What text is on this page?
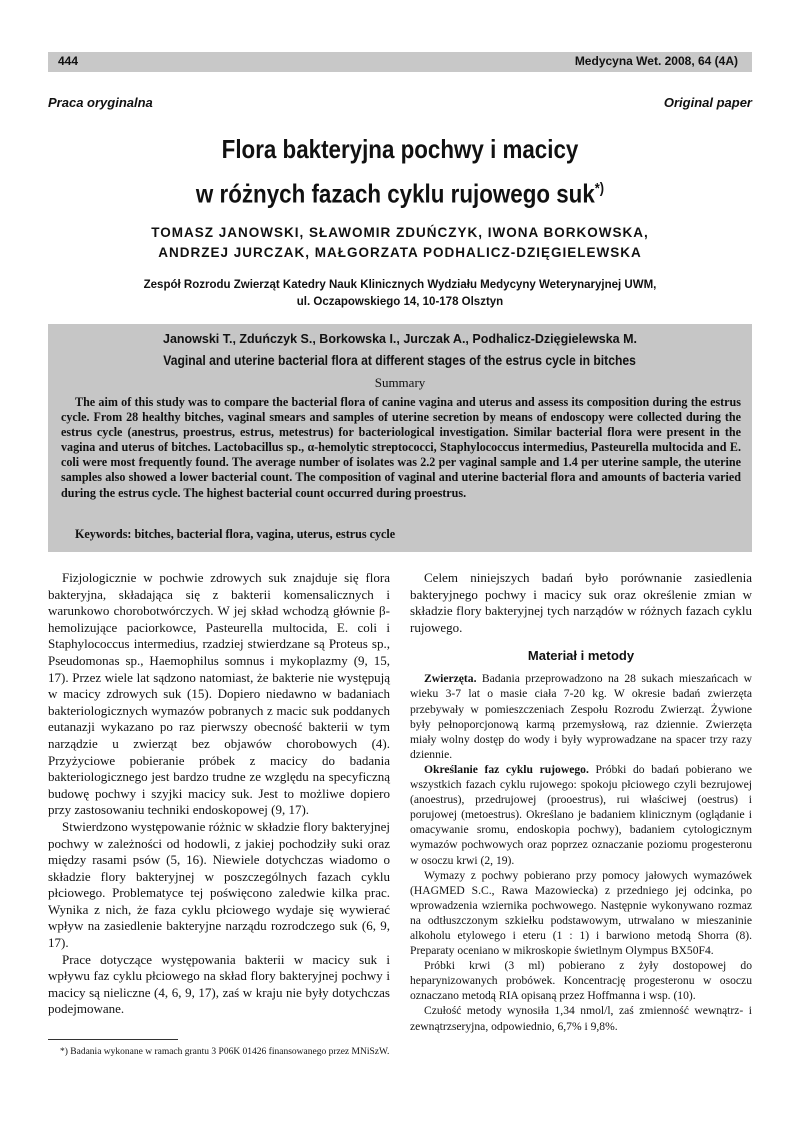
444	Medycyna Wet. 2008, 64 (4A)
Praca oryginalna	Original paper
Flora bakteryjna pochwy i macicy
w różnych fazach cyklu rujowego suk*)
TOMASZ JANOWSKI, SŁAWOMIR ZDUŃCZYK, IWONA BORKOWSKA,
ANDRZEJ JURCZAK, MAŁGORZATA PODHALICZ-DZIĘGIELEWSKA
Zespół Rozrodu Zwierząt Katedry Nauk Klinicznych Wydziału Medycyny Weterynaryjnej UWM,
ul. Oczapowskiego 14, 10-178 Olsztyn
Janowski T., Zduńczyk S., Borkowska I., Jurczak A., Podhalicz-Dzięgielewska M.
Vaginal and uterine bacterial flora at different stages of the estrus cycle in bitches
Summary

The aim of this study was to compare the bacterial flora of canine vagina and uterus and assess its composition during the estrus cycle. From 28 healthy bitches, vaginal smears and samples of uterine secretion by means of endoscopy were collected during the estrus cycle (anestrus, proestrus, estrus, metestrus) for bacteriological investigation. Similar bacterial flora were present in the vagina and uterus of bitches. Lactobacillus sp., α-hemolytic streptococci, Staphylococcus intermedius, Pasteurella multocida and E. coli were most frequently found. The average number of isolates was 2.2 per vaginal sample and 1.4 per uterine sample, the uterine samples also showed a lower bacterial count. The composition of vaginal and uterine bacterial flora and amounts of bacteria varied during the estrus cycle. The highest bacterial count occurred during proestrus.

Keywords: bitches, bacterial flora, vagina, uterus, estrus cycle

Fizjologicznie w pochwie zdrowych suk znajduje się flora bakteryjna, składająca się z bakterii komensalicznych i warunkowo chorobotwórczych. W jej skład wchodzą głównie β-hemolizujące paciorkowce, Pasteurella multocida, E. coli i Staphylococcus intermedius, rzadziej stwierdzane są Proteus sp., Pseudomonas sp., Haemophilus somnus i mykoplazmy (9, 15, 17). Przez wiele lat sądzono natomiast, że bakterie nie występują w macicy zdrowych suk (15). Dopiero niedawno w badaniach bakteriologicznych wymazów pobranych z macic suk poddanych eutanazji wykazano po raz pierwszy obecność bakterii w tym narządzie u zwierząt bez objawów chorobowych (4). Przyżyciowe pobieranie próbek z macicy do badania bakteriologicznego jest bardzo trudne ze względu na specyficzną budowę pochwy i szyjki macicy suk. Jest to możliwe dopiero przy zastosowaniu techniki endoskopowej (9, 17).

Stwierdzono występowanie różnic w składzie flory bakteryjnej pochwy w zależności od hodowli, z jakiej pochodziły suki oraz między rasami psów (5, 16). Niewiele dotychczas wiadomo o składzie flory bakteryjnej w poszczególnych fazach cyklu płciowego. Problematyce tej poświęcono zaledwie kilka prac. Wynika z nich, że faza cyklu płciowego wydaje się wywierać wpływ na zasiedlenie bakteryjne narządu rozrodczego suk (6, 9, 17).

Prace dotyczące występowania bakterii w macicy suk i wpływu faz cyklu płciowego na skład flory bakteryjnej pochwy i macicy są nieliczne (4, 6, 9, 17), zaś w kraju nie były dotychczas podejmowane.

Celem niniejszych badań było porównanie zasiedlenia bakteryjnego pochwy i macicy suk oraz określenie zmian w składzie flory bakteryjnej tych narządów w różnych fazach cyklu rujowego.

Materiał i metody

Zwierzęta. Badania przeprowadzono na 28 sukach mieszańcach w wieku 3-7 lat o masie ciała 7-20 kg. W okresie badań zwierzęta przebywały w pomieszczeniach Zespołu Rozrodu Zwierząt. Żywione były pełnoporcjonową karmą przemysłową, raz dziennie. Zwierzęta miały wolny dostęp do wody i były wyprowadzane na spacer trzy razy dziennie.

Określanie faz cyklu rujowego. Próbki do badań pobierano we wszystkich fazach cyklu rujowego: spokoju płciowego czyli bezrujowej (anoestrus), przedrujowej (prooestrus), rui właściwej (oestrus) i porujowej (metoestrus). Określano je badaniem klinicznym (oglądanie i omacywanie sromu, endoskopia pochwy), badaniem cytologicznym wymazów pochwowych oraz poprzez oznaczanie poziomu progesteronu w osoczu krwi (2, 19).

Wymazy z pochwy pobierano przy pomocy jałowych wymazówek (HAGMED S.C., Rawa Mazowiecka) z przedniego jej odcinka, po wprowadzenia wziernika pochwowego. Następnie wykonywano rozmaz na odtłuszczonym szkiełku podstawowym, utrwalano w mieszaninie alkoholu etylowego i eteru (1 : 1) i barwiono metodą Shorra (8). Preparaty oceniano w mikroskopie świetlnym Olympus BX50F4.

Próbki krwi (3 ml) pobierano z żyły dostopowej do heparynizowanych probówek. Koncentrację progesteronu w osoczu oznaczano metodą RIA opisaną przez Hoffmanna i wsp. (10).

Czułość metody wynosiła 1,34 nmol/l, zaś zmienność wewnątrz- i zewnątrzseryjna, odpowiednio, 6,7% i 9,8%.

*) Badania wykonane w ramach grantu 3 P06K 01426 finansowanego przez MNiSzW.
